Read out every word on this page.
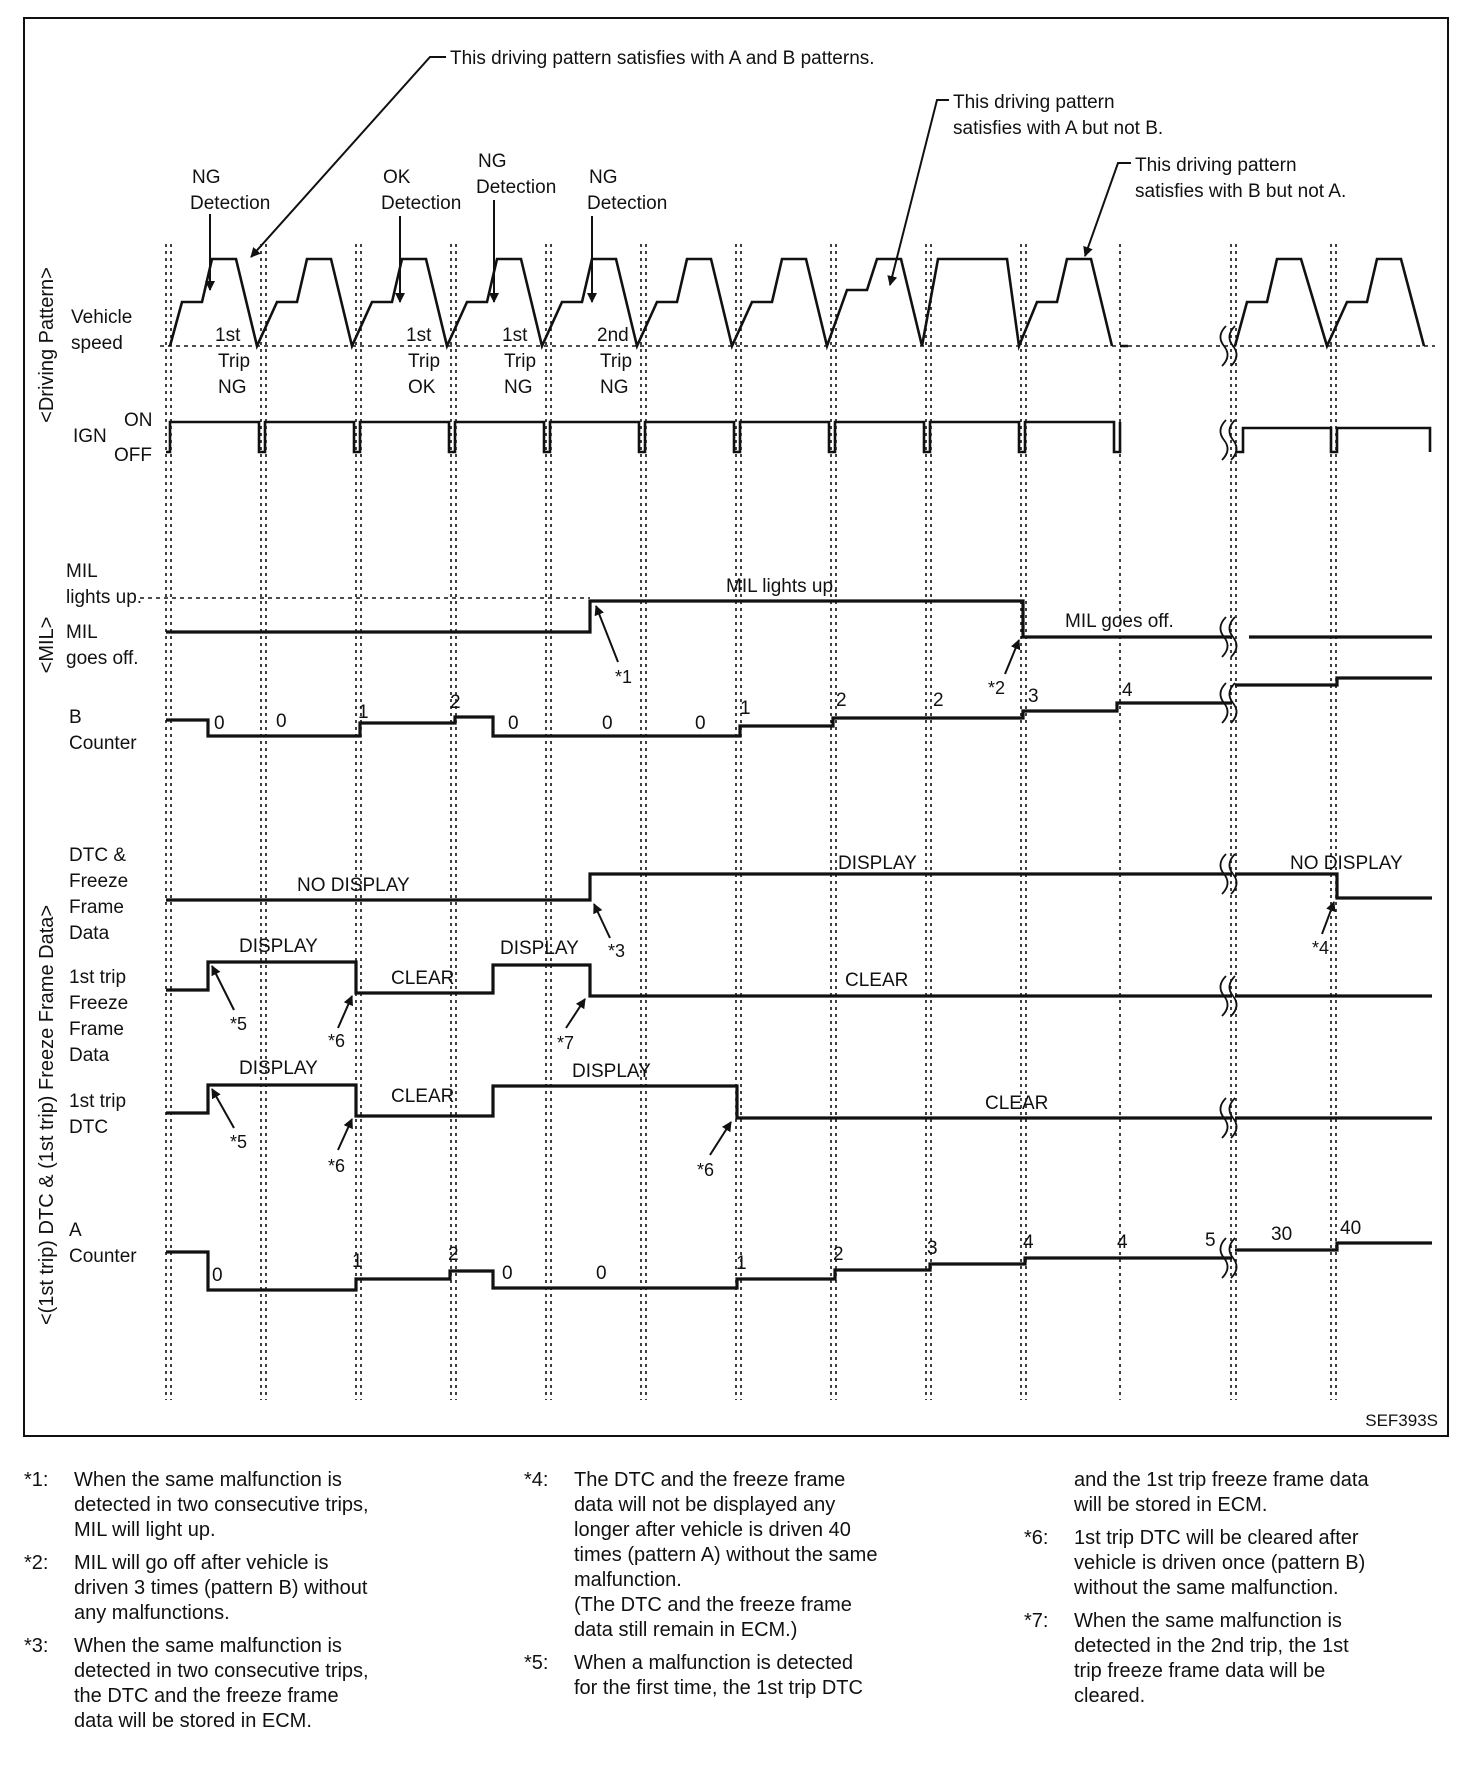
<Driving Pattern>
<MIL>
<(1st trip) DTC & (1st trip) Freeze Frame Data>
Vehicle
speed
IGN
ON
OFF
MIL
lights up.
MIL
goes off.
B
Counter
DTC &
Freeze
Frame
Data
1st trip
Freeze
Frame
Data
1st trip
DTC
A
Counter
This driving pattern satisfies with A and B patterns.
This driving pattern
satisfies with A but not B.
This driving pattern
satisfies with B but not A.
NG
Detection
OK
Detection
NG
Detection NG
Detection
1st
Trip
NG
1st
Trip
OK
1st
Trip
NG
2nd
Trip
NG
MIL lights up.
MIL goes off.
0	0	1	2
0	0	0
1	2	2	3	4
NO DISPLAY
DISPLAY	NO DISPLAY
DISPLAY
CLEAR
DISPLAY
CLEAR
DISPLAY
CLEAR
DISPLAY
CLEAR
0
1	2
0	0	1	2	3	4	4	5	30	40
*1
*2
*3	*4
*5
*6	*7
*5
*6	*6
SEF393S
*1: When the same malfunction is
detected in two consecutive trips,
MIL will light up.
*2: MIL will go off after vehicle is
driven 3 times (pattern B) without
any malfunctions.
*3: When the same malfunction is
detected in two consecutive trips,
the DTC and the freeze frame
data will be stored in ECM.
*4: The DTC and the freeze frame
data will not be displayed any
longer after vehicle is driven 40
times (pattern A) without the same
malfunction.
(The DTC and the freeze frame
data still remain in ECM.)
*5: When a malfunction is detected
for the first time, the 1st trip DTC
and the 1st trip freeze frame data
will be stored in ECM.
*6: 1st trip DTC will be cleared after
vehicle is driven once (pattern B)
without the same malfunction.
*7: When the same malfunction is
detected in the 2nd trip, the 1st
trip freeze frame data will be
cleared.
